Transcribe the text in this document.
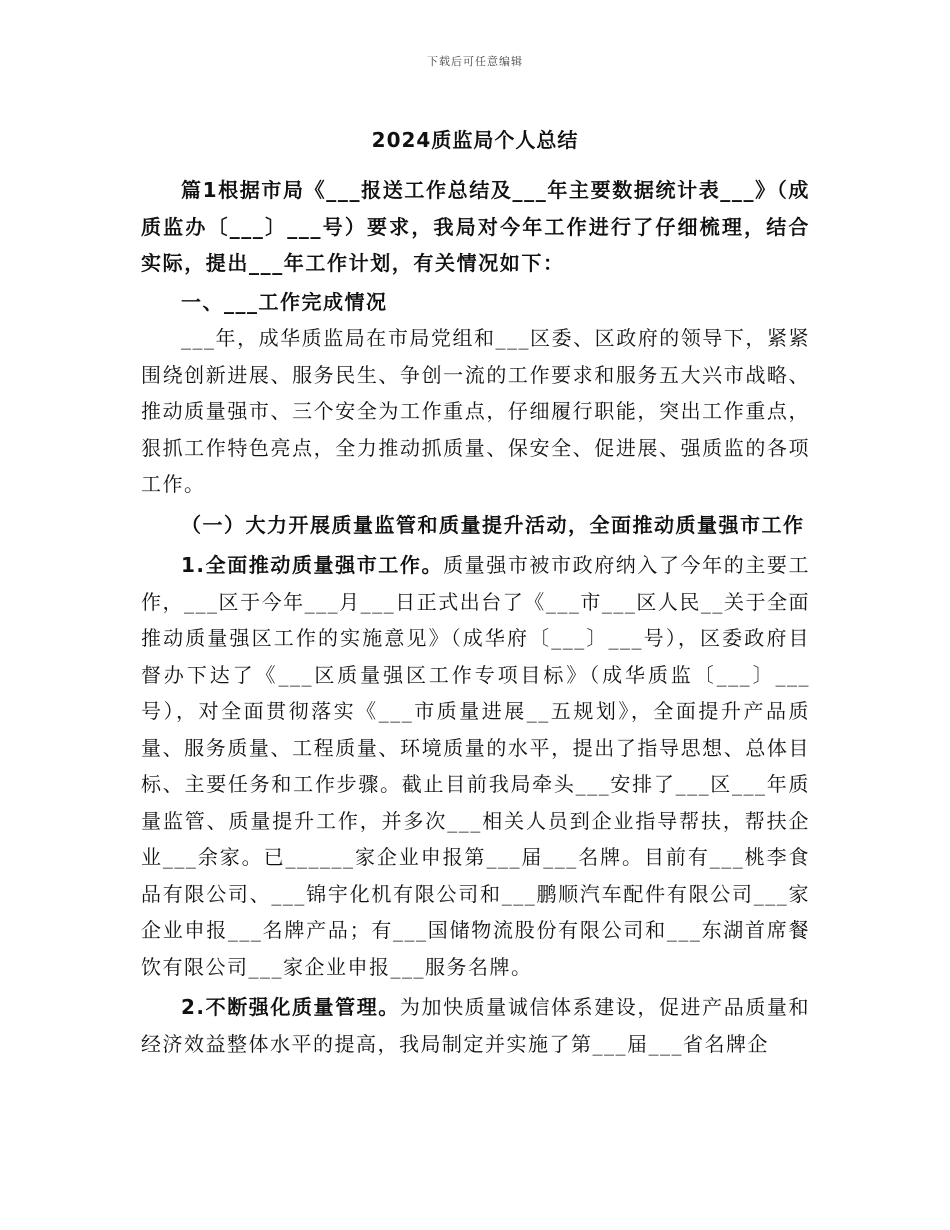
下载后可任意编辑
2024质监局个人总结

篇1根据市局《___报送工作总结及___年主要数据统计表___》（成质监办〔___〕___号）要求，我局对今年工作进行了仔细梳理，结合实际，提出___年工作计划，有关情况如下：

一、___工作完成情况

___年，成华质监局在市局党组和___区委、区政府的领导下，紧紧围绕创新进展、服务民生、争创一流的工作要求和服务五大兴市战略、推动质量强市、三个安全为工作重点，仔细履行职能，突出工作重点，狠抓工作特色亮点，全力推动抓质量、保安全、促进展、强质监的各项工作。

（一）大力开展质量监管和质量提升活动，全面推动质量强市工作

1.全面推动质量强市工作。质量强市被市政府纳入了今年的主要工作，___区于今年___月___日正式出台了《___市___区人民__关于全面推动质量强区工作的实施意见》（成华府〔___〕___号），区委政府目督办下达了《___区质量强区工作专项目标》（成华质监〔___〕___号），对全面贯彻落实《___市质量进展__五规划》，全面提升产品质量、服务质量、工程质量、环境质量的水平，提出了指导思想、总体目标、主要任务和工作步骤。截止目前我局牵头___安排了___区___年质量监管、质量提升工作，并多次___相关人员到企业指导帮扶，帮扶企业___余家。已______家企业申报第___届___名牌。目前有___桃李食品有限公司、___锦宇化机有限公司和___鹏顺汽车配件有限公司___家企业申报___名牌产品；有___国储物流股份有限公司和___东湖首席餐饮有限公司___家企业申报___服务名牌。

2.不断强化质量管理。为加快质量诚信体系建设，促进产品质量和经济效益整体水平的提高，我局制定并实施了第___届___省名牌企
